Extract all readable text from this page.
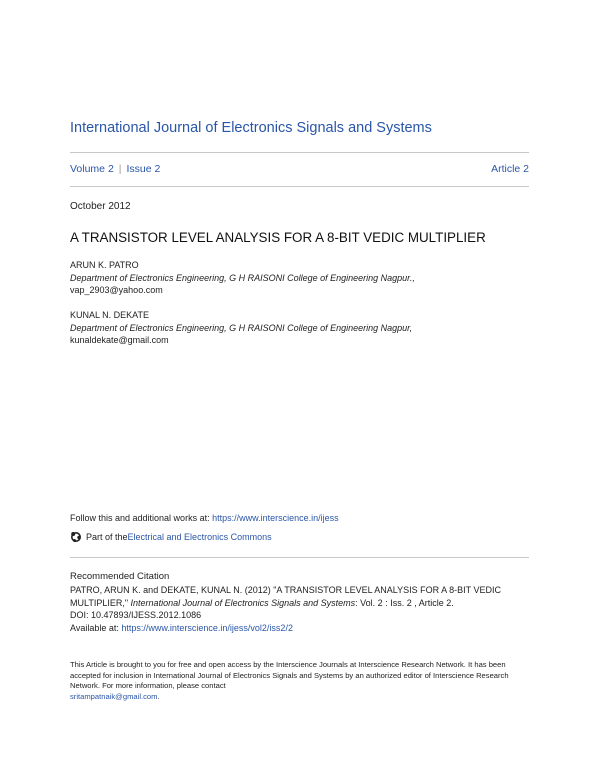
International Journal of Electronics Signals and Systems
Volume 2 | Issue 2	Article 2
October 2012
A TRANSISTOR LEVEL ANALYSIS FOR A 8-BIT VEDIC MULTIPLIER
ARUN K. PATRO
Department of Electronics Engineering, G H RAISONI College of Engineering Nagpur.,
vap_2903@yahoo.com
KUNAL N. DEKATE
Department of Electronics Engineering, G H RAISONI College of Engineering Nagpur,
kunaldekate@gmail.com
Follow this and additional works at: https://www.interscience.in/ijess
Part of the Electrical and Electronics Commons
Recommended Citation
PATRO, ARUN K. and DEKATE, KUNAL N. (2012) "A TRANSISTOR LEVEL ANALYSIS FOR A 8-BIT VEDIC MULTIPLIER," International Journal of Electronics Signals and Systems: Vol. 2 : Iss. 2 , Article 2.
DOI: 10.47893/IJESS.2012.1086
Available at: https://www.interscience.in/ijess/vol2/iss2/2
This Article is brought to you for free and open access by the Interscience Journals at Interscience Research Network. It has been accepted for inclusion in International Journal of Electronics Signals and Systems by an authorized editor of Interscience Research Network. For more information, please contact
sritampatnaik@gmail.com.
